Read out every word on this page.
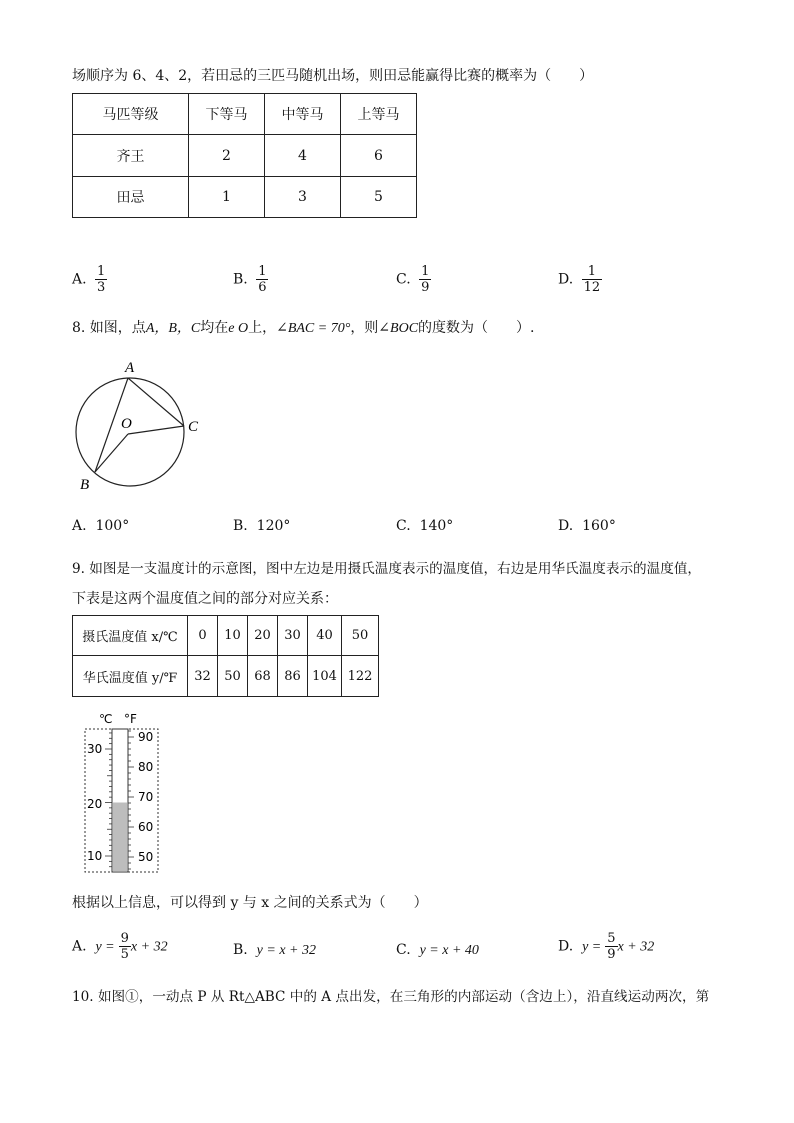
场顺序为 6、4、2，若田忌的三匹马随机出场，则田忌能赢得比赛的概率为（　　）
马匹等级	下等马	中等马	上等马
齐王	2	4	6
田忌	1	3	5
A. $\frac{1}{3}$	B. $\frac{1}{6}$	C. $\frac{1}{9}$	D. $\frac{1}{12}$
8. 如图，点A，B，C均在e O上，∠BAC = 70°，则∠BOC的度数为（　　）.
A
O
B
C
A. 100°	B. 120°	C. 140°	D. 160°
9. 如图是一支温度计的示意图，图中左边是用摄氏温度表示的温度值，右边是用华氏温度表示的温度值，
下表是这两个温度值之间的部分对应关系：
摄氏温度值 x/℃	0	10	20	30	40	50
华氏温度值 y/℉	32	50	68	86	104	122
℃ °F
30
20
10
90
80
70
60
50
根据以上信息，可以得到 y 与 x 之间的关系式为（　　）
A. $y = \frac{9}{5}$ x + 32	B. y = x + 32	C. y = x + 40	D. $y = \frac{5}{9}$ x + 32
10. 如图①，一动点 P 从 Rt△ABC 中的 A 点出发，在三角形的内部运动（含边上），沿直线运动两次，第
